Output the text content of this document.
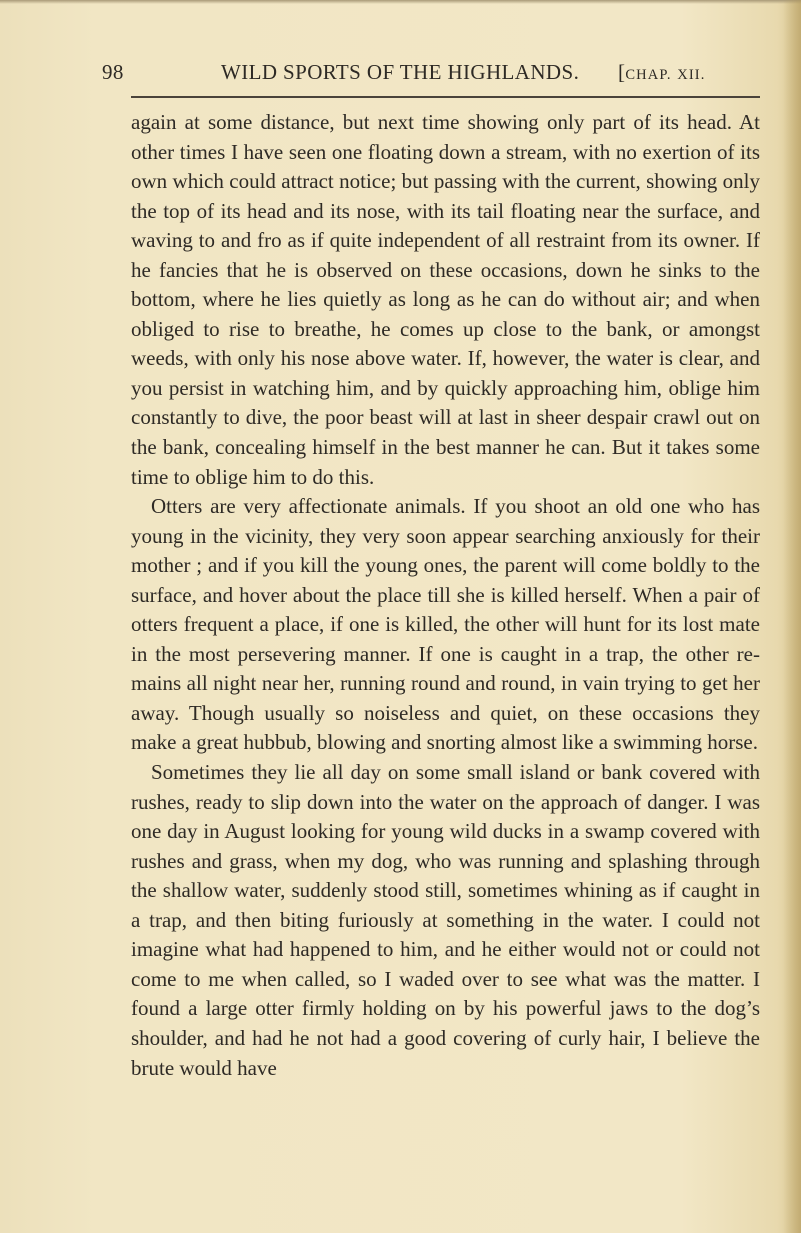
98	WILD SPORTS OF THE HIGHLANDS. [CHAP. XII.

again at some distance, but next time showing only part of its head. At other times I have seen one floating down a stream, with no exertion of its own which could attract notice; but passing with the current, showing only the top of its head and its nose, with its tail floating near the surface, and waving to and fro as if quite independent of all restraint from its owner. If he fancies that he is observed on these occasions, down he sinks to the bottom, where he lies quietly as long as he can do without air; and when obliged to rise to breathe, he comes up close to the bank, or amongst weeds, with only his nose above water. If, however, the water is clear, and you persist in watching him, and by quickly approaching him, oblige him constantly to dive, the poor beast will at last in sheer despair crawl out on the bank, concealing himself in the best manner he can. But it takes some time to oblige him to do this.

Otters are very affectionate animals. If you shoot an old one who has young in the vicinity, they very soon appear searching anxiously for their mother ; and if you kill the young ones, the parent will come boldly to the surface, and hover about the place till she is killed herself. When a pair of otters frequent a place, if one is killed, the other will hunt for its lost mate in the most persevering manner. If one is caught in a trap, the other re- mains all night near her, running round and round, in vain trying to get her away. Though usually so noiseless and quiet, on these occasions they make a great hubbub, blowing and snorting almost like a swimming horse.

Sometimes they lie all day on some small island or bank covered with rushes, ready to slip down into the water on the approach of danger. I was one day in August looking for young wild ducks in a swamp covered with rushes and grass, when my dog, who was running and splashing through the shallow water, suddenly stood still, sometimes whining as if caught in a trap, and then biting furiously at something in the water. I could not imagine what had happened to him, and he either would not or could not come to me when called, so I waded over to see what was the matter. I found a large otter firmly holding on by his powerful jaws to the dog’s shoulder, and had he not had a good covering of curly hair, I believe the brute would have
